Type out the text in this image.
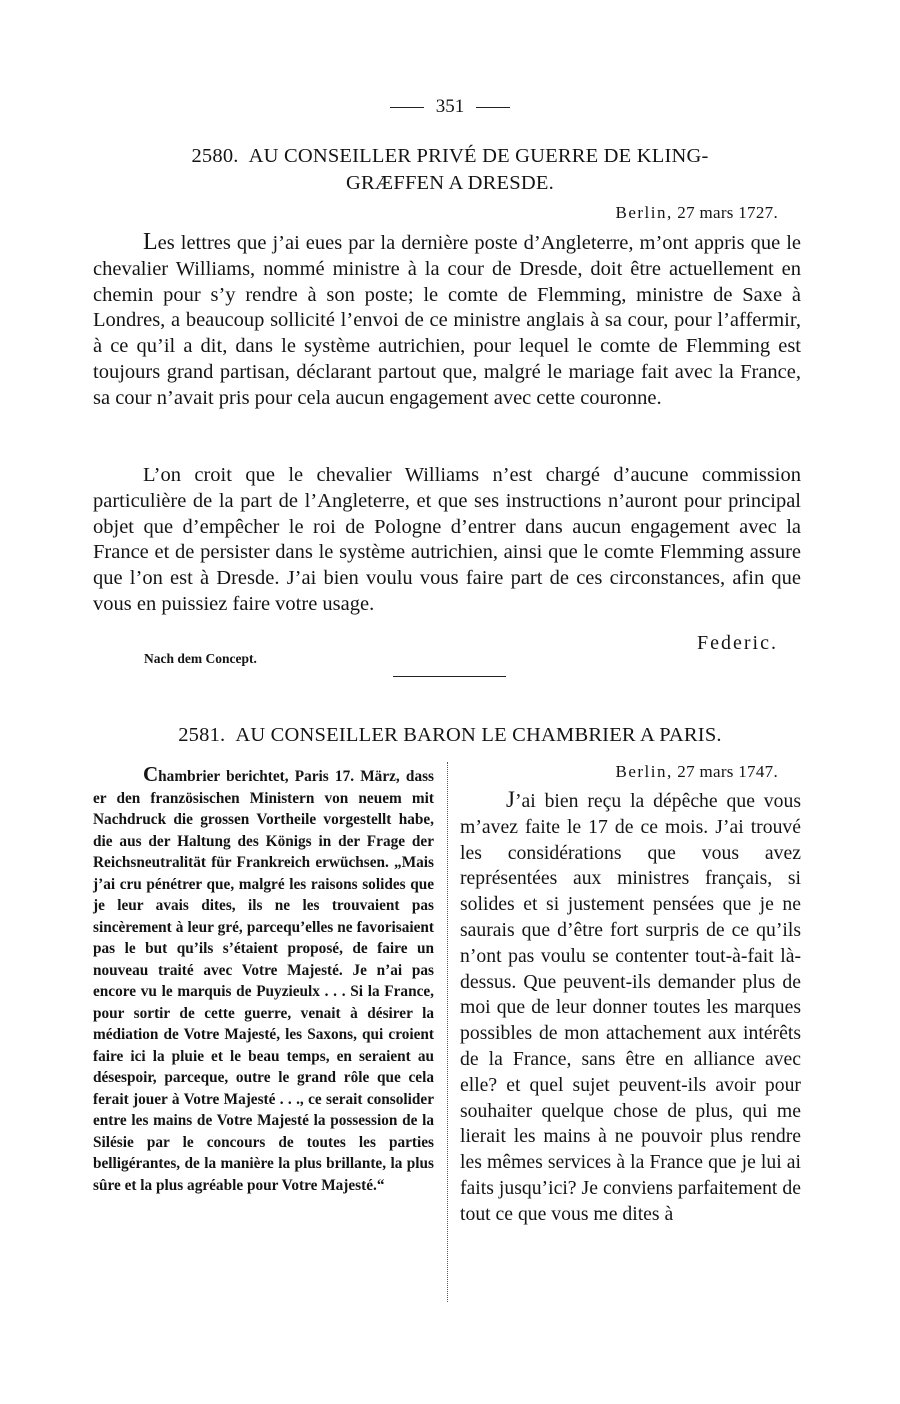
351
2580. AU CONSEILLER PRIVÉ DE GUERRE DE KLING-
GRÆFFEN A DRESDE.
Berlin, 27 mars 1727.

Les lettres que j’ai eues par la dernière poste d’Angleterre, m’ont appris que le chevalier Williams, nommé ministre à la cour de Dresde, doit être actuellement en chemin pour s’y rendre à son poste; le comte de Flemming, ministre de Saxe à Londres, a beaucoup sollicité l’envoi de ce ministre anglais à sa cour, pour l’affermir, à ce qu’il a dit, dans le système autrichien, pour lequel le comte de Flemming est toujours grand partisan, déclarant partout que, malgré le mariage fait avec la France, sa cour n’avait pris pour cela aucun engagement avec cette couronne.

L’on croit que le chevalier Williams n’est chargé d’aucune commission particulière de la part de l’Angleterre, et que ses instructions n’auront pour principal objet que d’empêcher le roi de Pologne d’entrer dans aucun engagement avec la France et de persister dans le système autrichien, ainsi que le comte Flemming assure que l’on est à Dresde. J’ai bien voulu vous faire part de ces circonstances, afin que vous en puissiez faire votre usage.

Federic.
Nach dem Concept.
2581. AU CONSEILLER BARON LE CHAMBRIER A PARIS.

Chambrier berichtet, Paris 17. März, dass er den französischen Ministern von neuem mit Nachdruck die grossen Vortheile vorgestellt habe, die aus der Haltung des Königs in der Frage der Reichsneutralität für Frankreich erwüchsen. „Mais j’ai cru pénétrer que, malgré les raisons solides que je leur avais dites, ils ne les trouvaient pas sincèrement à leur gré, parcequ’elles ne favorisaient pas le but qu’ils s’étaient proposé, de faire un nouveau traité avec Votre Majesté. Je n’ai pas encore vu le marquis de Puyzieulx . . . Si la France, pour sortir de cette guerre, venait à désirer la médiation de Votre Majesté, les Saxons, qui croient faire ici la pluie et le beau temps, en seraient au désespoir, parceque, outre le grand rôle que cela ferait jouer à Votre Majesté . . ., ce serait consolider entre les mains de Votre Majesté la possession de la Silésie par le concours de toutes les parties belligérantes, de la manière la plus brillante, la plus sûre et la plus agréable pour Votre Majesté.“

Berlin, 27 mars 1747.

J’ai bien reçu la dépêche que vous m’avez faite le 17 de ce mois. J’ai trouvé les considérations que vous avez représentées aux ministres français, si solides et si justement pensées que je ne saurais que d’être fort surpris de ce qu’ils n’ont pas voulu se contenter tout-à-fait là-dessus. Que peuvent-ils demander plus de moi que de leur donner toutes les marques possibles de mon attachement aux intérêts de la France, sans être en alliance avec elle? et quel sujet peuvent-ils avoir pour souhaiter quelque chose de plus, qui me lierait les mains à ne pouvoir plus rendre les mêmes services à la France que je lui ai faits jusqu’ici? Je conviens parfaitement de tout ce que vous me dites à
